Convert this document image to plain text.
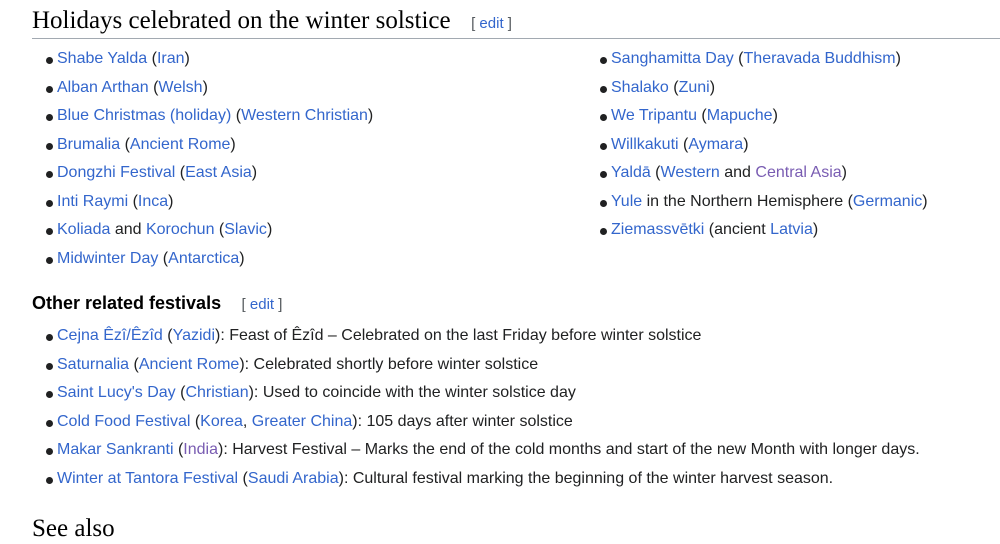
Holidays celebrated on the winter solstice [ edit ]
Shabe Yalda (Iran)
Alban Arthan (Welsh)
Blue Christmas (holiday) (Western Christian)
Brumalia (Ancient Rome)
Dongzhi Festival (East Asia)
Inti Raymi (Inca)
Koliada and Korochun (Slavic)
Midwinter Day (Antarctica)
Sanghamitta Day (Theravada Buddhism)
Shalako (Zuni)
We Tripantu (Mapuche)
Willkakuti (Aymara)
Yaldā (Western and Central Asia)
Yule in the Northern Hemisphere (Germanic)
Ziemassvētki (ancient Latvia)
Other related festivals [ edit ]
Cejna Êzî/Êzîd (Yazidi): Feast of Êzîd – Celebrated on the last Friday before winter solstice
Saturnalia (Ancient Rome): Celebrated shortly before winter solstice
Saint Lucy's Day (Christian): Used to coincide with the winter solstice day
Cold Food Festival (Korea, Greater China): 105 days after winter solstice
Makar Sankranti (India): Harvest Festival – Marks the end of the cold months and start of the new Month with longer days.
Winter at Tantora Festival (Saudi Arabia): Cultural festival marking the beginning of the winter harvest season.
See also
